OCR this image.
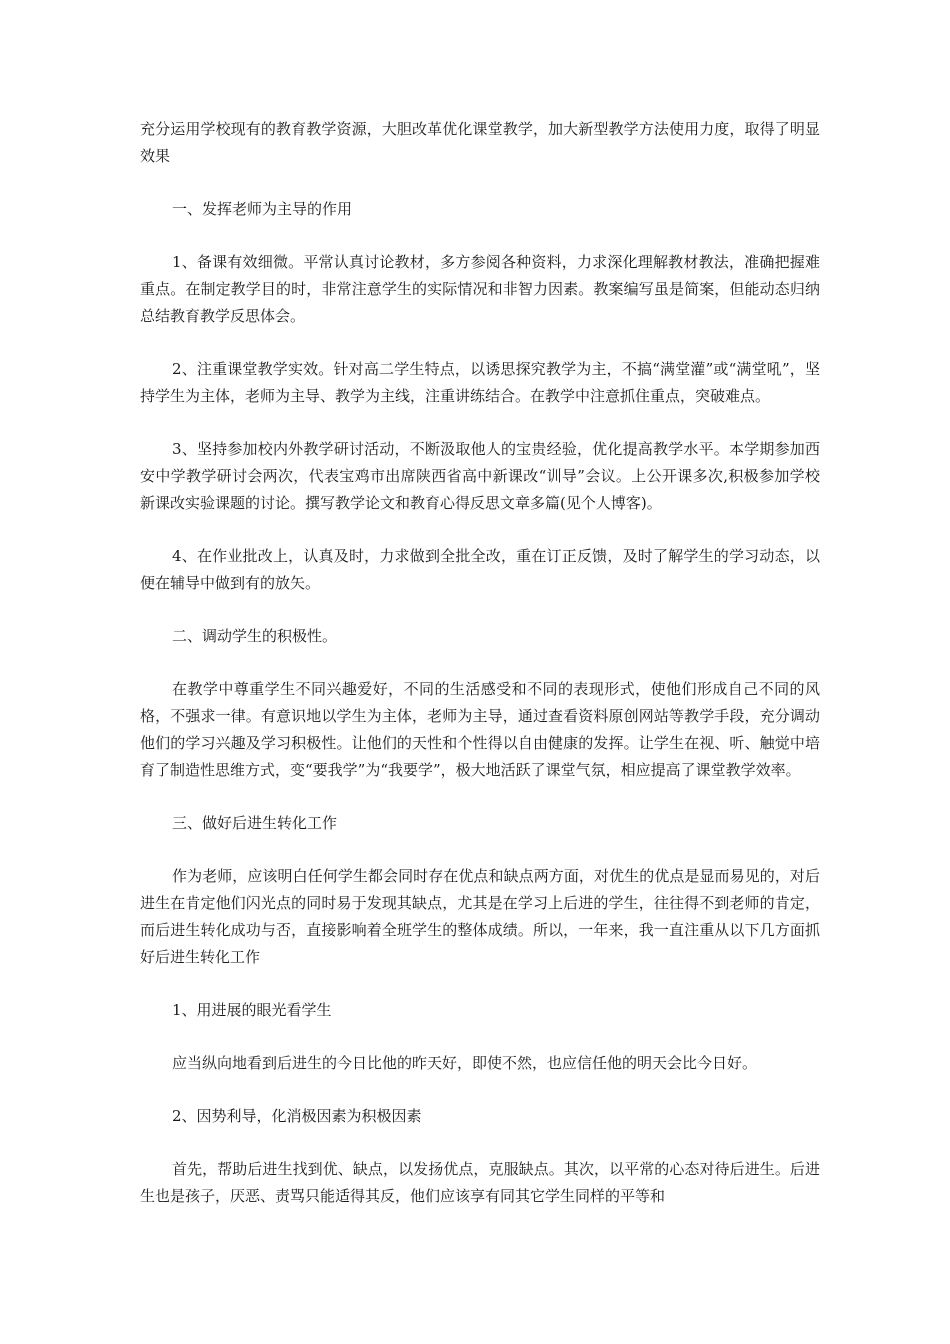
充分运用学校现有的教育教学资源，大胆改革优化课堂教学，加大新型教学方法使用力度，取得了明显效果

一、发挥老师为主导的作用

1、备课有效细微。平常认真讨论教材，多方参阅各种资料，力求深化理解教材教法，准确把握难重点。在制定教学目的时，非常注意学生的实际情况和非智力因素。教案编写虽是简案，但能动态归纳总结教育教学反思体会。

2、注重课堂教学实效。针对高二学生特点，以诱思探究教学为主，不搞“满堂灌”或“满堂吼”，坚持学生为主体，老师为主导、教学为主线，注重讲练结合。在教学中注意抓住重点，突破难点。

3、坚持参加校内外教学研讨活动，不断汲取他人的宝贵经验，优化提高教学水平。本学期参加西安中学教学研讨会两次，代表宝鸡市出席陕西省高中新课改“训导”会议。上公开课多次,积极参加学校新课改实验课题的讨论。撰写教学论文和教育心得反思文章多篇(见个人博客)。

4、在作业批改上，认真及时，力求做到全批全改，重在订正反馈，及时了解学生的学习动态，以便在辅导中做到有的放矢。

二、调动学生的积极性。

在教学中尊重学生不同兴趣爱好，不同的生活感受和不同的表现形式，使他们形成自己不同的风格，不强求一律。有意识地以学生为主体，老师为主导，通过查看资料原创网站等教学手段，充分调动他们的学习兴趣及学习积极性。让他们的天性和个性得以自由健康的发挥。让学生在视、听、触觉中培育了制造性思维方式，变“要我学”为“我要学”，极大地活跃了课堂气氛，相应提高了课堂教学效率。

三、做好后进生转化工作

作为老师，应该明白任何学生都会同时存在优点和缺点两方面，对优生的优点是显而易见的，对后进生在肯定他们闪光点的同时易于发现其缺点，尤其是在学习上后进的学生，往往得不到老师的肯定，而后进生转化成功与否，直接影响着全班学生的整体成绩。所以，一年来，我一直注重从以下几方面抓好后进生转化工作

1、用进展的眼光看学生

应当纵向地看到后进生的今日比他的昨天好，即使不然，也应信任他的明天会比今日好。

2、因势利导，化消极因素为积极因素

首先，帮助后进生找到优、缺点，以发扬优点，克服缺点。其次，以平常的心态对待后进生。后进生也是孩子，厌恶、责骂只能适得其反，他们应该享有同其它学生同样的平等和
